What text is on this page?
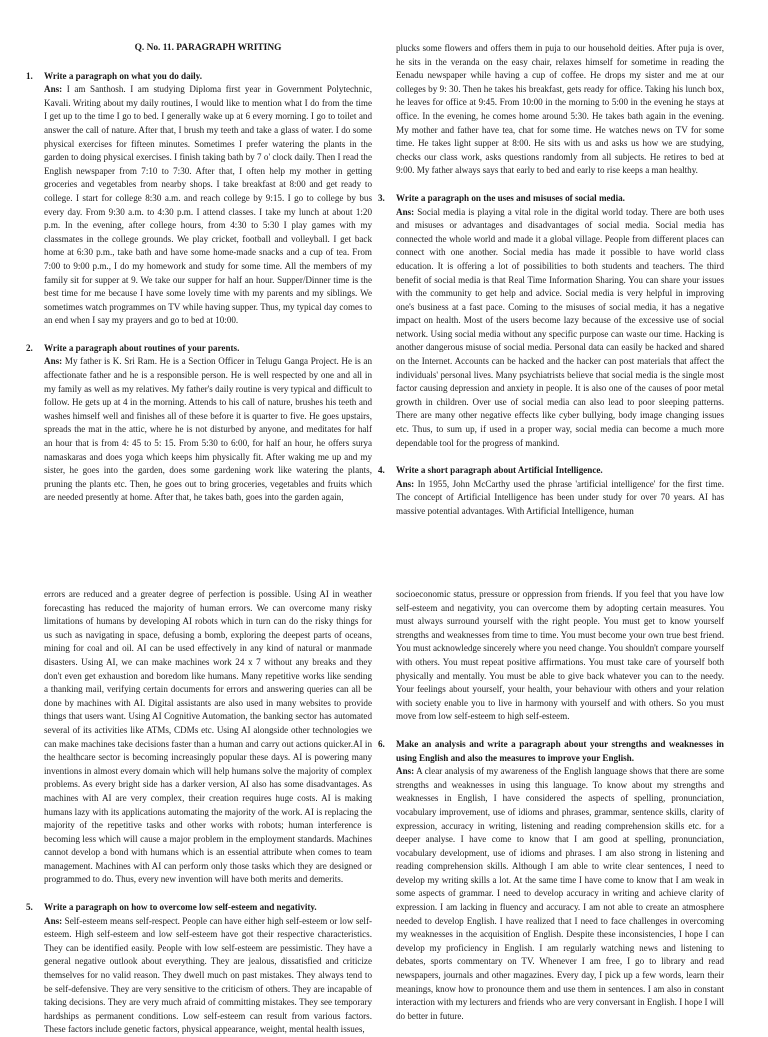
Q. No. 11. PARAGRAPH WRITING
1.	Write a paragraph on what you do daily.

Ans: I am Santhosh. I am studying Diploma first year in Government Polytechnic, Kavali. Writing about my daily routines, I would like to mention what I do from the time I get up to the time I go to bed. I generally wake up at 6 every morning. I go to toilet and answer the call of nature. After that, I brush my teeth and take a glass of water. I do some physical exercises for fifteen minutes. Sometimes I prefer watering the plants in the garden to doing physical exercises. I finish taking bath by 7 o' clock daily. Then I read the English newspaper from 7:10 to 7:30. After that, I often help my mother in getting groceries and vegetables from nearby shops. I take breakfast at 8:00 and get ready to college. I start for college 8:30 a.m. and reach college by 9:15. I go to college by bus every day. From 9:30 a.m. to 4:30 p.m. I attend classes. I take my lunch at about 1:20 p.m. In the evening, after college hours, from 4:30 to 5:30 I play games with my classmates in the college grounds. We play cricket, football and volleyball. I get back home at 6:30 p.m., take bath and have some home-made snacks and a cup of tea. From 7:00 to 9:00 p.m., I do my homework and study for some time. All the members of my family sit for supper at 9. We take our supper for half an hour. Supper/Dinner time is the best time for me because I have some lovely time with my parents and my siblings. We sometimes watch programmes on TV while having supper. Thus, my typical day comes to an end when I say my prayers and go to bed at 10:00.

2.	Write a paragraph about routines of your parents.

Ans: My father is K. Sri Ram. He is a Section Officer in Telugu Ganga Project. He is an affectionate father and he is a responsible person. He is well respected by one and all in my family as well as my relatives. My father's daily routine is very typical and difficult to follow. He gets up at 4 in the morning. Attends to his call of nature, brushes his teeth and washes himself well and finishes all of these before it is quarter to five. He goes upstairs, spreads the mat in the attic, where he is not disturbed by anyone, and meditates for half an hour that is from 4: 45 to 5: 15. From 5:30 to 6:00, for half an hour, he offers surya namaskaras and does yoga which keeps him physically fit. After waking me up and my sister, he goes into the garden, does some gardening work like watering the plants, pruning the plants etc. Then, he goes out to bring groceries, vegetables and fruits which are needed presently at home. After that, he takes bath, goes into the garden again,

plucks some flowers and offers them in puja to our household deities. After puja is over, he sits in the veranda on the easy chair, relaxes himself for sometime in reading the Eenadu newspaper while having a cup of coffee. He drops my sister and me at our colleges by 9: 30. Then he takes his breakfast, gets ready for office. Taking his lunch box, he leaves for office at 9:45. From 10:00 in the morning to 5:00 in the evening he stays at office. In the evening, he comes home around 5:30. He takes bath again in the evening. My mother and father have tea, chat for some time. He watches news on TV for some time. He takes light supper at 8:00. He sits with us and asks us how we are studying, checks our class work, asks questions randomly from all subjects. He retires to bed at 9:00. My father always says that early to bed and early to rise keeps a man healthy.

3.	Write a paragraph on the uses and misuses of social media.

Ans: Social media is playing a vital role in the digital world today. There are both uses and misuses or advantages and disadvantages of social media. Social media has connected the whole world and made it a global village. People from different places can connect with one another. Social media has made it possible to have world class education. It is offering a lot of possibilities to both students and teachers. The third benefit of social media is that Real Time Information Sharing. You can share your issues with the community to get help and advice. Social media is very helpful in improving one's business at a fast pace. Coming to the misuses of social media, it has a negative impact on health. Most of the users become lazy because of the excessive use of social network. Using social media without any specific purpose can waste our time. Hacking is another dangerous misuse of social media. Personal data can easily be hacked and shared on the Internet. Accounts can be hacked and the hacker can post materials that affect the individuals' personal lives. Many psychiatrists believe that social media is the single most factor causing depression and anxiety in people. It is also one of the causes of poor metal growth in children. Over use of social media can also lead to poor sleeping patterns. There are many other negative effects like cyber bullying, body image changing issues etc. Thus, to sum up, if used in a proper way, social media can become a much more dependable tool for the progress of mankind.

4.	Write a short paragraph about Artificial Intelligence.

Ans: In 1955, John McCarthy used the phrase 'artificial intelligence' for the first time. The concept of Artificial Intelligence has been under study for over 70 years. AI has massive potential advantages. With Artificial Intelligence, human

errors are reduced and a greater degree of perfection is possible. Using AI in weather forecasting has reduced the majority of human errors. We can overcome many risky limitations of humans by developing AI robots which in turn can do the risky things for us such as navigating in space, defusing a bomb, exploring the deepest parts of oceans, mining for coal and oil. AI can be used effectively in any kind of natural or manmade disasters. Using AI, we can make machines work 24 x 7 without any breaks and they don't even get exhaustion and boredom like humans. Many repetitive works like sending a thanking mail, verifying certain documents for errors and answering queries can all be done by machines with AI. Digital assistants are also used in many websites to provide things that users want. Using AI Cognitive Automation, the banking sector has automated several of its activities like ATMs, CDMs etc. Using AI alongside other technologies we can make machines take decisions faster than a human and carry out actions quicker.AI in the healthcare sector is becoming increasingly popular these days. AI is powering many inventions in almost every domain which will help humans solve the majority of complex problems. As every bright side has a darker version, AI also has some disadvantages. As machines with AI are very complex, their creation requires huge costs. AI is making humans lazy with its applications automating the majority of the work. AI is replacing the majority of the repetitive tasks and other works with robots; human interference is becoming less which will cause a major problem in the employment standards. Machines cannot develop a bond with humans which is an essential attribute when comes to team management. Machines with AI can perform only those tasks which they are designed or programmed to do. Thus, every new invention will have both merits and demerits.

5.	Write a paragraph on how to overcome low self-esteem and negativity.

Ans: Self-esteem means self-respect. People can have either high self-esteem or low self-esteem. High self-esteem and low self-esteem have got their respective characteristics. They can be identified easily. People with low self-esteem are pessimistic. They have a general negative outlook about everything. They are jealous, dissatisfied and criticize themselves for no valid reason. They dwell much on past mistakes. They always tend to be self-defensive. They are very sensitive to the criticism of others. They are incapable of taking decisions. They are very much afraid of committing mistakes. They see temporary hardships as permanent conditions. Low self-esteem can result from various factors. These factors include genetic factors, physical appearance, weight, mental health issues,

socioeconomic status, pressure or oppression from friends. If you feel that you have low self-esteem and negativity, you can overcome them by adopting certain measures. You must always surround yourself with the right people. You must get to know yourself strengths and weaknesses from time to time. You must become your own true best friend. You must acknowledge sincerely where you need change. You shouldn't compare yourself with others. You must repeat positive affirmations. You must take care of yourself both physically and mentally. You must be able to give back whatever you can to the needy. Your feelings about yourself, your health, your behaviour with others and your relation with society enable you to live in harmony with yourself and with others. So you must move from low self-esteem to high self-esteem.

6.	Make an analysis and write a paragraph about your strengths and weaknesses in using English and also the measures to improve your English.

Ans: A clear analysis of my awareness of the English language shows that there are some strengths and weaknesses in using this language. To know about my strengths and weaknesses in English, I have considered the aspects of spelling, pronunciation, vocabulary improvement, use of idioms and phrases, grammar, sentence skills, clarity of expression, accuracy in writing, listening and reading comprehension skills etc. for a deeper analyse. I have come to know that I am good at spelling, pronunciation, vocabulary development, use of idioms and phrases. I am also strong in listening and reading comprehension skills. Although I am able to write clear sentences, I need to develop my writing skills a lot. At the same time I have come to know that I am weak in some aspects of grammar. I need to develop accuracy in writing and achieve clarity of expression. I am lacking in fluency and accuracy. I am not able to create an atmosphere needed to develop English. I have realized that I need to face challenges in overcoming my weaknesses in the acquisition of English. Despite these inconsistencies, I hope I can develop my proficiency in English. I am regularly watching news and listening to debates, sports commentary on TV. Whenever I am free, I go to library and read newspapers, journals and other magazines. Every day, I pick up a few words, learn their meanings, know how to pronounce them and use them in sentences. I am also in constant interaction with my lecturers and friends who are very conversant in English. I hope I will do better in future.
